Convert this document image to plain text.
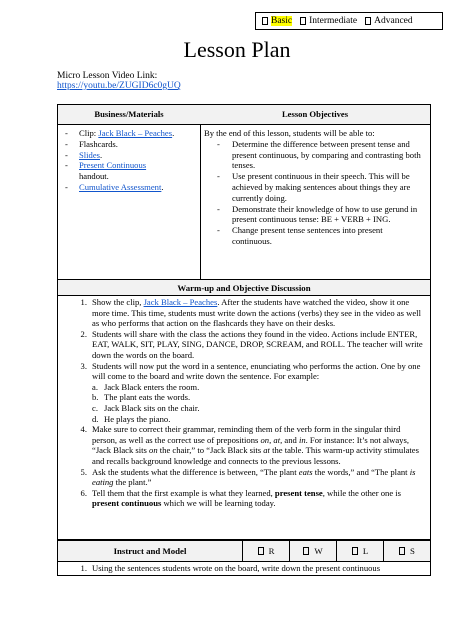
Basic Intermediate Advanced
Lesson Plan
Micro Lesson Video Link:
https://youtu.be/ZUGID6c0gUQ
Business/Materials
-	Clip: Jack Black – Peaches.
-	Flashcards.
-	Slides.
-	Present Continuous
handout.
-	Cumulative Assessment.
Lesson Objectives
By the end of this lesson, students will be able to:
-	Determine the difference between present tense and present continuous, by comparing and contrasting both tenses.
-	Use present continuous in their speech. This will be achieved by making sentences about things they are currently doing.
-	Demonstrate their knowledge of how to use gerund in present continuous tense: BE + VERB + ING.
-	Change present tense sentences into present continuous.
Warm-up and Objective Discussion
1. Show the clip, Jack Black – Peaches. After the students have watched the video, show it one more time. This time, students must write down the actions (verbs) they see in the video as well as who performs that action on the flashcards they have on their desks.
2. Students will share with the class the actions they found in the video. Actions include ENTER, EAT, WALK, SIT, PLAY, SING, DANCE, DROP, SCREAM, and ROLL. The teacher will write down the words on the board.
3. Students will now put the word in a sentence, enunciating who performs the action. One by one will come to the board and write down the sentence. For example:
a. Jack Black enters the room.
b. The plant eats the words.
c. Jack Black sits on the chair.
d. He plays the piano.
4. Make sure to correct their grammar, reminding them of the verb form in the singular third person, as well as the correct use of prepositions on, at, and in. For instance: It’s not always, “Jack Black sits on the chair,” to “Jack Black sits at the table. This warm-up activity stimulates and recalls background knowledge and connects to the previous lessons.
5. Ask the students what the difference is between, “The plant eats the words,” and “The plant is eating the plant.”
6. Tell them that the first example is what they learned, present tense, while the other one is present continuous which we will be learning today.
Instruct and Model	R	W	L	S
1. Using the sentences students wrote on the board, write down the present continuous
